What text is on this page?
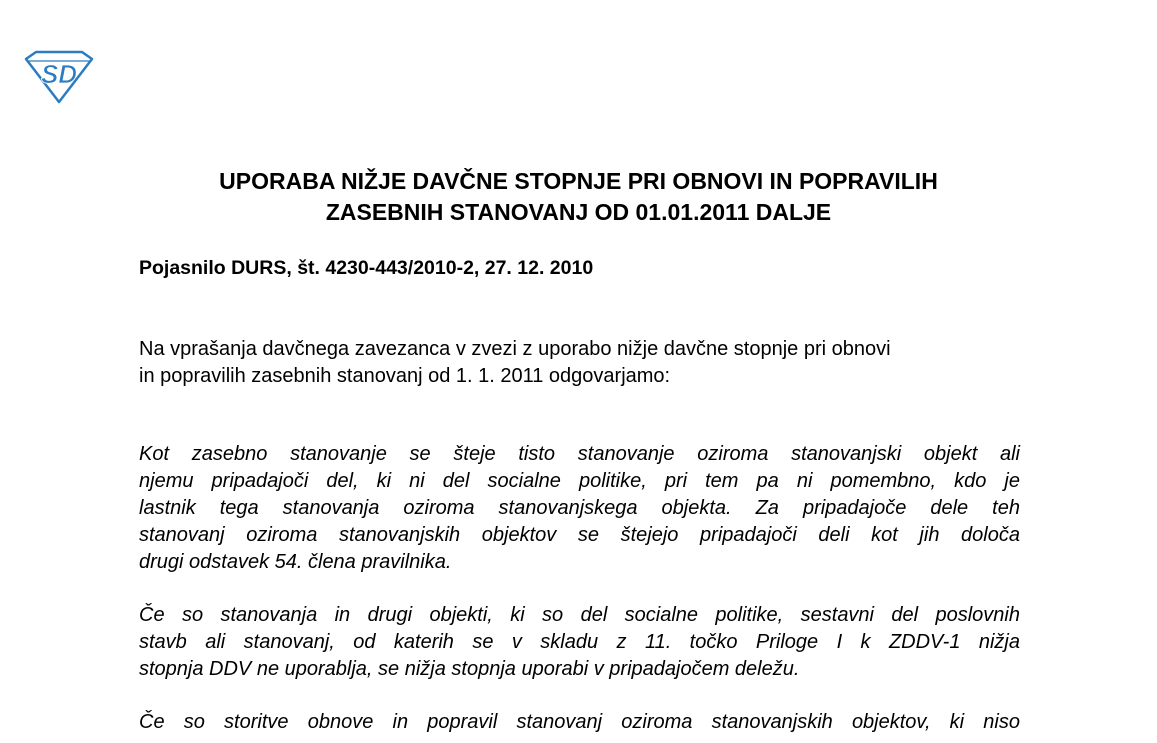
SD
UPORABA NIŽJE DAVČNE STOPNJE PRI OBNOVI IN POPRAVILIH
ZASEBNIH STANOVANJ OD 01.01.2011 DALJE

Pojasnilo DURS, št. 4230-443/2010-2, 27. 12. 2010

Na vprašanja davčnega zavezanca v zvezi z uporabo nižje davčne stopnje pri obnovi
in popravilih zasebnih stanovanj od 1. 1. 2011 odgovarjamo:

Kot zasebno stanovanje se šteje tisto stanovanje oziroma stanovanjski objekt ali
njemu pripadajoči del, ki ni del socialne politike, pri tem pa ni pomembno, kdo je
lastnik tega stanovanja oziroma stanovanjskega objekta. Za pripadajoče dele teh
stanovanj oziroma stanovanjskih objektov se štejejo pripadajoči deli kot jih določa
drugi odstavek 54. člena pravilnika.

Če so stanovanja in drugi objekti, ki so del socialne politike, sestavni del poslovnih
stavb ali stanovanj, od katerih se v skladu z 11. točko Priloge I k ZDDV-1 nižja
stopnja DDV ne uporablja, se nižja stopnja uporabi v pripadajočem deležu.

Če so storitve obnove in popravil stanovanj oziroma stanovanjskih objektov, ki niso
